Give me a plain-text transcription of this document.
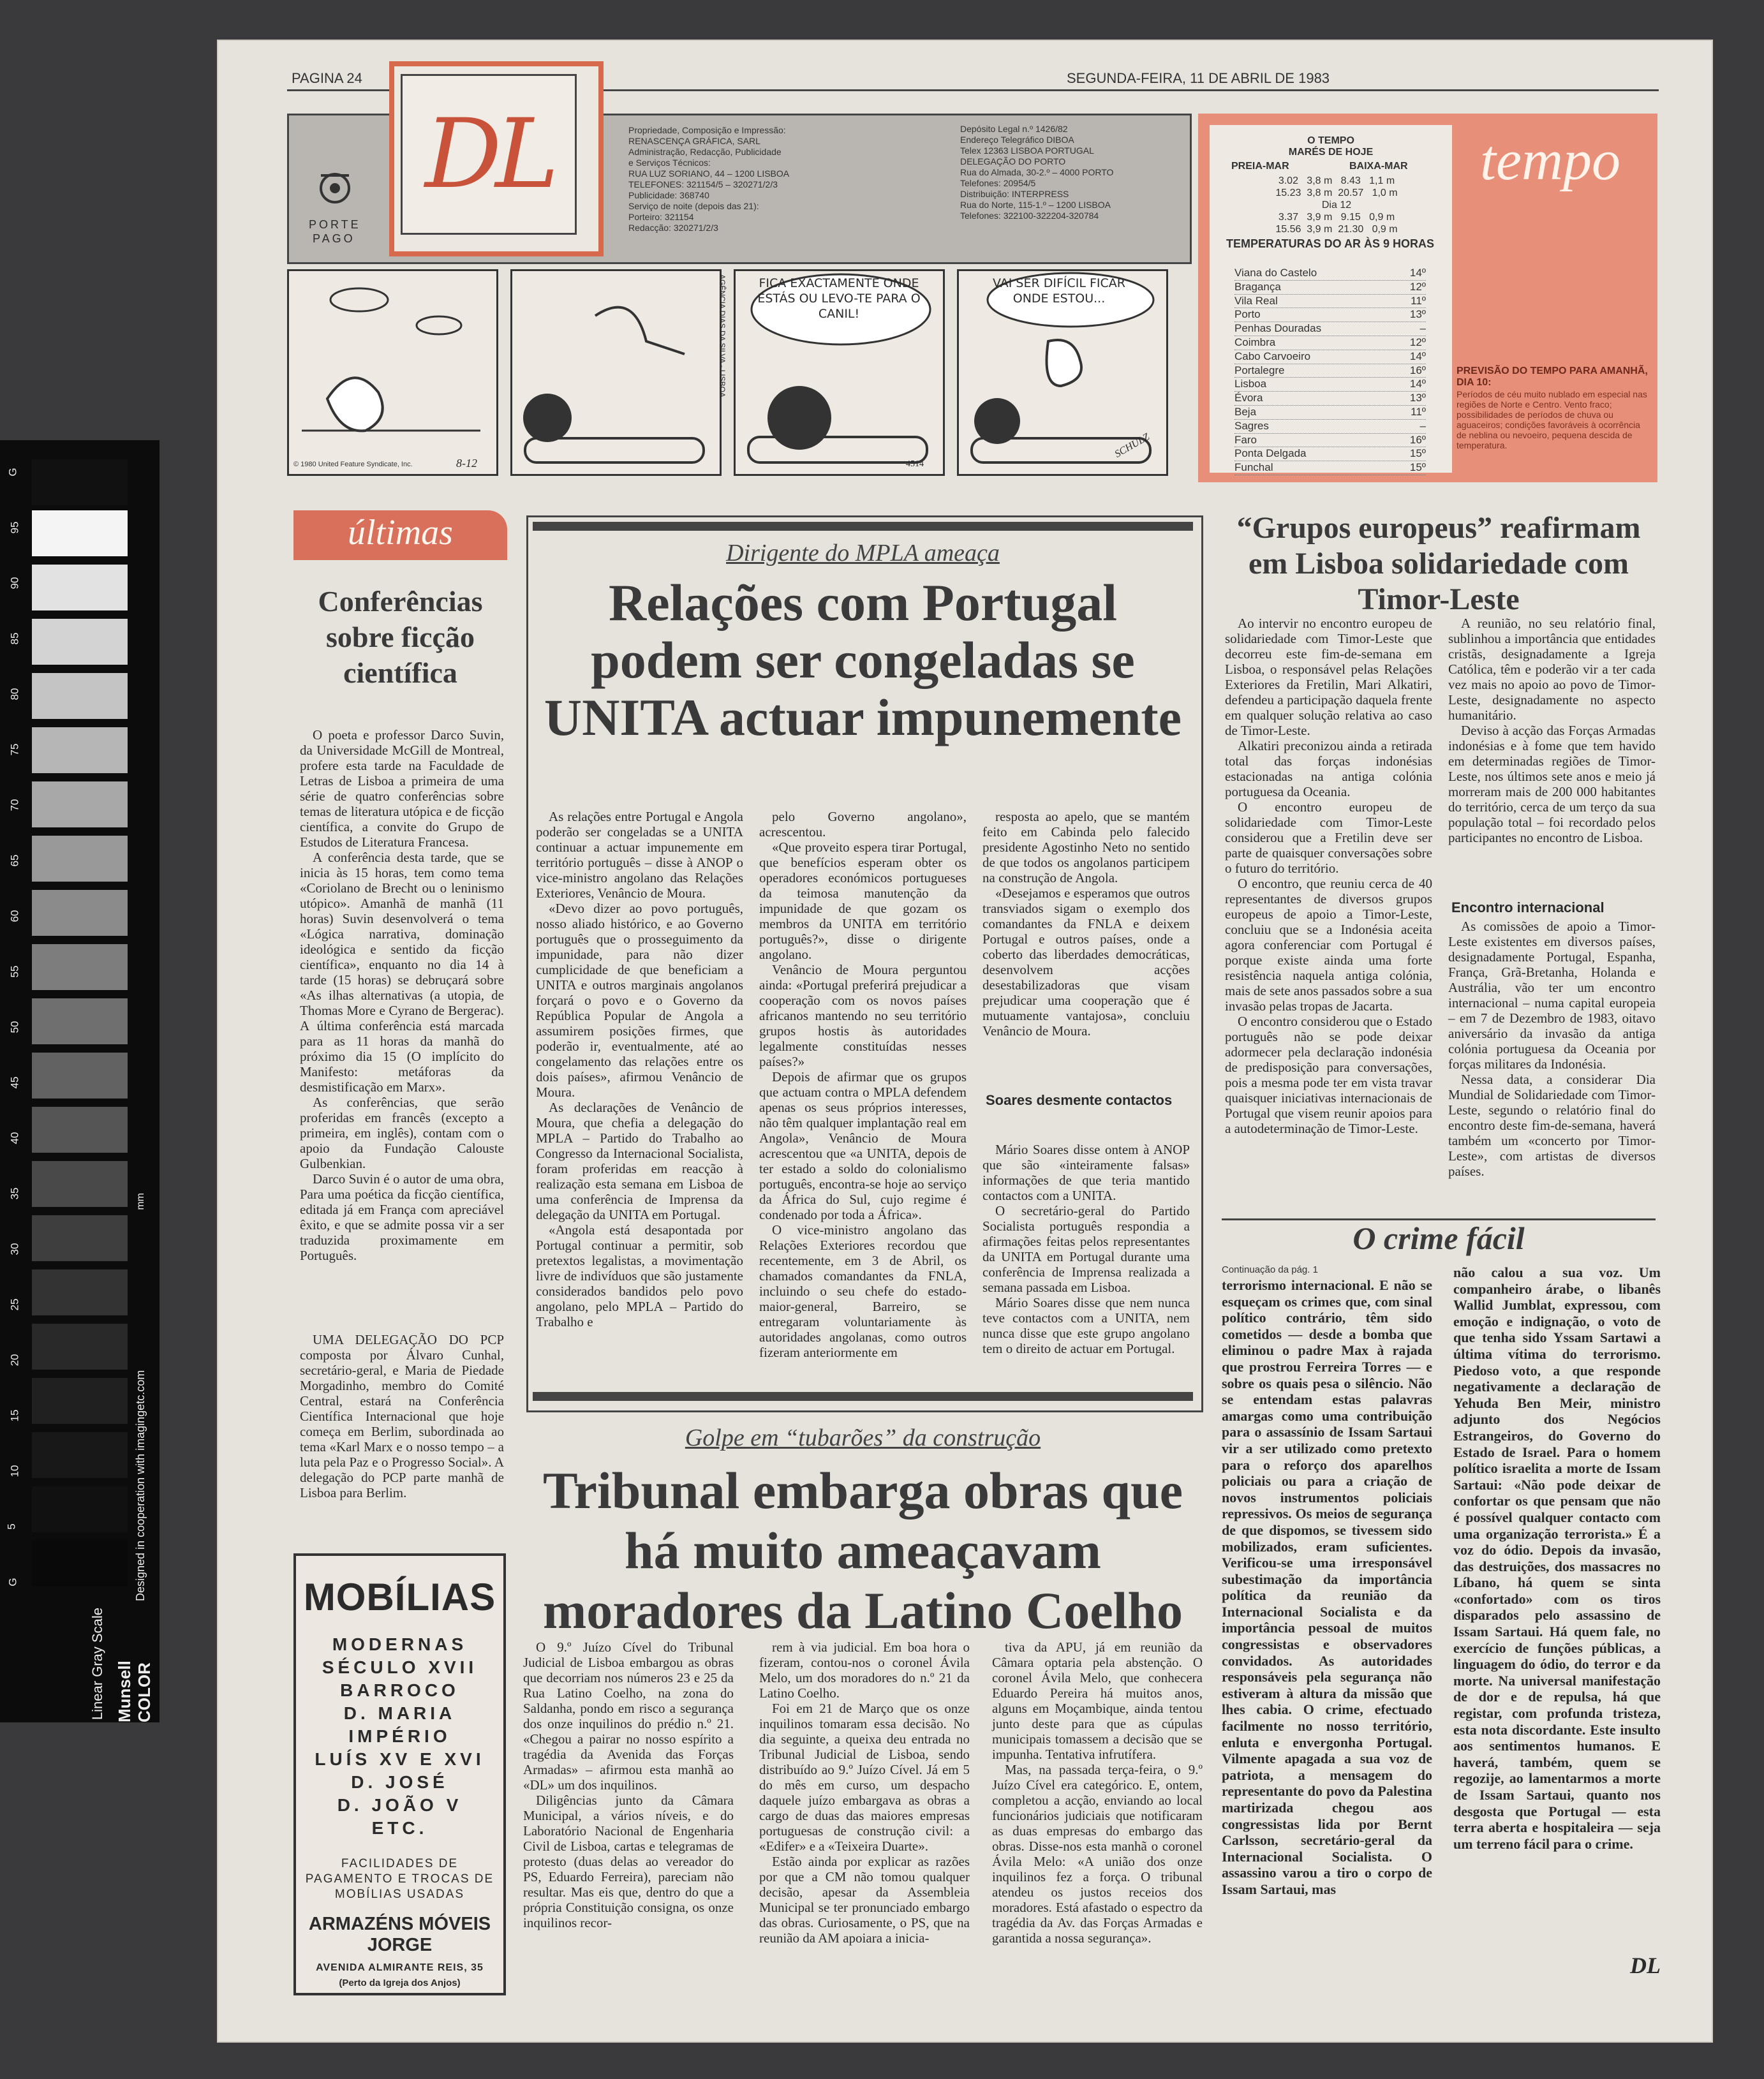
G
95
90
85
80
75
70
65
60
55
50
45
40
35
30
25
20
15
10
5
G	Designed in cooperation with imagingetc.com
mm
Linear Gray Scale Munsell COLOR
PAGINA 24	SEGUNDA-FEIRA, 11 DE ABRIL DE 1983
PORTE
PAGO
DL	Propriedade, Composição e Impressão:
RENASCENÇA GRÁFICA, SARL
Administração, Redacção, Publicidade
e Serviços Técnicos:
RUA LUZ SORIANO, 44 – 1200 LISBOA
TELEFONES: 321154/5 – 320271/2/3
Publicidade: 368740
Serviço de noite (depois das 21):
Porteiro: 321154
Redacção: 320271/2/3
Depósito Legal n.º 1426/82
Endereço Telegráfico DIBOA
Telex 12363 LISBOA PORTUGAL
DELEGAÇÃO DO PORTO
Rua do Almada, 30-2.º – 4000 PORTO
Telefones: 20954/5
Distribuição: INTERPRESS
Rua do Norte, 115-1.º – 1200 LISBOA
Telefones: 322100-322204-320784
© 1980 United Feature Syndicate, Inc.	8-12
FICA EXACTAMENTE ONDE ESTÁS OU LEVO-TE PARA O CANIL!
AGÊNCIA DIAS DA SILVA - LISBOA
4514
VAI SER DIFÍCIL FICAR ONDE ESTOU...
SCHULZ
tempo
O TEMPO
MARÉS DE HOJE
PREIA-MAR	BAIXA-MAR
3.02   3,8 m   8.43   1,1 m
15.23  3,8 m  20.57   1,0 m
Dia 12
3.37   3,9 m   9.15   0,9 m
15.56  3,9 m  21.30   0,9 m
TEMPERATURAS DO AR ÀS 9 HORAS
Viana do Castelo	14º
Bragança	12º
Vila Real	11º
Porto	13º
Penhas Douradas	–
Coimbra	12º
Cabo Carvoeiro	14º
Portalegre	16º
Lisboa	14º
Évora	13º
Beja	11º
Sagres	–
Faro	16º
Ponta Delgada	15º
Funchal	15º
PREVISÃO DO TEMPO PARA AMANHÃ, DIA 10:
Períodos de céu muito nublado em especial nas regiões de Norte e Centro. Vento fraco; possibilidades de períodos de chuva ou aguaceiros; condições favoráveis à ocorrência de neblina ou nevoeiro, pequena descida de temperatura.
últimas
Conferências sobre ficção científica

O poeta e professor Darco Suvin, da Universidade McGill de Montreal, profere esta tarde na Faculdade de Letras de Lisboa a primeira de uma série de quatro conferências sobre temas de literatura utópica e de ficção científica, a convite do Grupo de Estudos de Literatura Francesa.

A conferência desta tarde, que se inicia às 15 horas, tem como tema «Coriolano de Brecht ou o leninismo utópico». Amanhã de manhã (11 horas) Suvin desenvolverá o tema «Lógica narrativa, dominação ideológica e sentido da ficção científica», enquanto no dia 14 à tarde (15 horas) se debruçará sobre «As ilhas alternativas (a utopia, de Thomas More e Cyrano de Bergerac). A última conferência está marcada para as 11 horas da manhã do próximo dia 15 (O implícito do Manifesto: metáforas da desmistificação em Marx».

As conferências, que serão proferidas em francês (excepto a primeira, em inglês), contam com o apoio da Fundação Calouste Gulbenkian.

Darco Suvin é o autor de uma obra, Para uma poética da ficção científica, editada já em França com apreciável êxito, e que se admite possa vir a ser traduzida proximamente em Português.

UMA DELEGAÇÃO DO PCP composta por Álvaro Cunhal, secretário-geral, e Maria de Piedade Morgadinho, membro do Comité Central, estará na Conferência Científica Internacional que hoje começa em Berlim, subordinada ao tema «Karl Marx e o nosso tempo – a luta pela Paz e o Progresso Social». A delegação do PCP parte manhã de Lisboa para Berlim.
Dirigente do MPLA ameaça
Relações com Portugal podem ser congeladas se UNITA actuar impunemente

As relações entre Portugal e Angola poderão ser congeladas se a UNITA continuar a actuar impunemente em território português – disse à ANOP o vice-ministro angolano das Relações Exteriores, Venâncio de Moura.

«Devo dizer ao povo português, nosso aliado histórico, e ao Governo português que o prosseguimento da impunidade, para não dizer cumplicidade de que beneficiam a UNITA e outros marginais angolanos forçará o povo e o Governo da República Popular de Angola a assumirem posições firmes, que poderão ir, eventualmente, até ao congelamento das relações entre os dois países», afirmou Venâncio de Moura.

As declarações de Venâncio de Moura, que chefia a delegação do MPLA – Partido do Trabalho ao Congresso da Internacional Socialista, foram proferidas em reacção à realização esta semana em Lisboa de uma conferência de Imprensa da delegação da UNITA em Portugal.

«Angola está desapontada por Portugal continuar a permitir, sob pretextos legalistas, a movimentação livre de indivíduos que são justamente considerados bandidos pelo povo angolano, pelo MPLA – Partido do Trabalho e

pelo Governo angolano», acrescentou.

«Que proveito espera tirar Portugal, que benefícios esperam obter os operadores económicos portugueses da teimosa manutenção da impunidade de que gozam os membros da UNITA em território português?», disse o dirigente angolano.

Venâncio de Moura perguntou ainda: «Portugal preferirá prejudicar a cooperação com os novos países africanos mantendo no seu território grupos hostis às autoridades legalmente constituídas nesses países?»

Depois de afirmar que os grupos que actuam contra o MPLA defendem apenas os seus próprios interesses, não têm qualquer implantação real em Angola», Venâncio de Moura acrescentou que «a UNITA, depois de ter estado a soldo do colonialismo português, encontra-se hoje ao serviço da África do Sul, cujo regime é condenado por toda a África».

O vice-ministro angolano das Relações Exteriores recordou que recentemente, em 3 de Abril, os chamados comandantes da FNLA, incluindo o seu chefe do estado-maior-general, Barreiro, se entregaram voluntariamente às autoridades angolanas, como outros fizeram anteriormente em

resposta ao apelo, que se mantém feito em Cabinda pelo falecido presidente Agostinho Neto no sentido de que todos os angolanos participem na construção de Angola.

«Desejamos e esperamos que outros transviados sigam o exemplo dos comandantes da FNLA e deixem Portugal e outros países, onde a coberto das liberdades democráticas, desenvolvem acções desestabilizadoras que visam prejudicar uma cooperação que é mutuamente vantajosa», concluiu Venâncio de Moura.

Soares desmente contactos

Mário Soares disse ontem à ANOP que são «inteiramente falsas» informações de que teria mantido contactos com a UNITA.

O secretário-geral do Partido Socialista português respondia a afirmações feitas pelos representantes da UNITA em Portugal durante uma conferência de Imprensa realizada a semana passada em Lisboa.

Mário Soares disse que nem nunca teve contactos com a UNITA, nem nunca disse que este grupo angolano tem o direito de actuar em Portugal.

“Grupos europeus” reafirmam em Lisboa solidariedade com Timor-Leste

Ao intervir no encontro europeu de solidariedade com Timor-Leste que decorreu este fim-de-semana em Lisboa, o responsável pelas Relações Exteriores da Fretilin, Mari Alkatiri, defendeu a participação daquela frente em qualquer solução relativa ao caso de Timor-Leste.

Alkatiri preconizou ainda a retirada total das forças indonésias estacionadas na antiga colónia portuguesa da Oceania.

O encontro europeu de solidariedade com Timor-Leste considerou que a Fretilin deve ser parte de quaisquer conversações sobre o futuro do território.

O encontro, que reuniu cerca de 40 representantes de diversos grupos europeus de apoio a Timor-Leste, concluiu que se a Indonésia aceita agora conferenciar com Portugal é porque existe ainda uma forte resistência naquela antiga colónia, mais de sete anos passados sobre a sua invasão pelas tropas de Jacarta.

O encontro considerou que o Estado português não se pode deixar adormecer pela declaração indonésia de predisposição para conversações, pois a mesma pode ter em vista travar quaisquer iniciativas internacionais de Portugal que visem reunir apoios para a autodeterminação de Timor-Leste.

A reunião, no seu relatório final, sublinhou a importância que entidades cristãs, designadamente a Igreja Católica, têm e poderão vir a ter cada vez mais no apoio ao povo de Timor-Leste, designadamente no aspecto humanitário.

Deviso à acção das Forças Armadas indonésias e à fome que tem havido em determinadas regiões de Timor-Leste, nos últimos sete anos e meio já morreram mais de 200 000 habitantes do território, cerca de um terço da sua população total – foi recordado pelos participantes no encontro de Lisboa.

Encontro internacional

As comissões de apoio a Timor-Leste existentes em diversos países, designadamente Portugal, Espanha, França, Grã-Bretanha, Holanda e Austrália, vão ter um encontro internacional – numa capital europeia – em 7 de Dezembro de 1983, oitavo aniversário da invasão da antiga colónia portuguesa da Oceania por forças militares da Indonésia.

Nessa data, a considerar Dia Mundial de Solidariedade com Timor-Leste, segundo o relatório final do encontro deste fim-de-semana, haverá também um «concerto por Timor-Leste», com artistas de diversos países.

O crime fácil
Continuação da pág. 1
terrorismo internacional. E não se esqueçam os crimes que, com sinal político contrário, têm sido cometidos — desde a bomba que eliminou o padre Max à rajada que prostrou Ferreira Torres — e sobre os quais pesa o silêncio. Não se entendam estas palavras amargas como uma contribuição para o assassínio de Issam Sartaui vir a ser utilizado como pretexto para o reforço dos aparelhos policiais ou para a criação de novos instrumentos policiais repressivos. Os meios de segurança de que dispomos, se tivessem sido mobilizados, eram suficientes. Verificou-se uma irresponsável subestimação da importância política da reunião da Internacional Socialista e da importância pessoal de muitos congressistas e observadores convidados. As autoridades responsáveis pela segurança não estiveram à altura da missão que lhes cabia. O crime, efectuado facilmente no nosso território, enluta e envergonha Portugal. Vilmente apagada a sua voz de patriota, a mensagem do representante do povo da Palestina martirizada chegou aos congressistas lida por Bernt Carlsson, secretário-geral da Internacional Socialista. O assassino varou a tiro o corpo de Issam Sartaui, mas
não calou a sua voz. Um companheiro árabe, o libanês Wallid Jumblat, expressou, com emoção e indignação, o voto de que tenha sido Yssam Sartawi a última vítima do terrorismo. Piedoso voto, a que responde negativamente a declaração de Yehuda Ben Meir, ministro adjunto dos Negócios Estrangeiros, do Governo do Estado de Israel. Para o homem político israelita a morte de Issam Sartaui: «Não pode deixar de confortar os que pensam que não é possível qualquer contacto com uma organização terrorista.» É a voz do ódio. Depois da invasão, das destruições, dos massacres no Líbano, há quem se sinta «confortado» com os tiros disparados pelo assassino de Issam Sartaui. Há quem fale, no exercício de funções públicas, a linguagem do ódio, do terror e da morte. Na universal manifestação de dor e de repulsa, há que registar, com profunda tristeza, esta nota discordante. Este insulto aos sentimentos humanos. E haverá, também, quem se regozije, ao lamentarmos a morte de Issam Sartaui, quanto nos desgosta que Portugal — esta terra aberta e hospitaleira — seja um terreno fácil para o crime.
DL
Golpe em “tubarões” da construção
Tribunal embarga obras que há muito ameaçavam moradores da Latino Coelho

O 9.º Juízo Cível do Tribunal Judicial de Lisboa embargou as obras que decorriam nos números 23 e 25 da Rua Latino Coelho, na zona do Saldanha, pondo em risco a segurança dos onze inquilinos do prédio n.º 21. «Chegou a pairar no nosso espírito a tragédia da Avenida das Forças Armadas» – afirmou esta manhã ao «DL» um dos inquilinos.

Diligências junto da Câmara Municipal, a vários níveis, e do Laboratório Nacional de Engenharia Civil de Lisboa, cartas e telegramas de protesto (duas delas ao vereador do PS, Eduardo Ferreira), pareciam não resultar. Mas eis que, dentro do que a própria Constituição consigna, os onze inquilinos recor-

rem à via judicial. Em boa hora o fizeram, contou-nos o coronel Ávila Melo, um dos moradores do n.º 21 da Latino Coelho.

Foi em 21 de Março que os onze inquilinos tomaram essa decisão. No dia seguinte, a queixa deu entrada no Tribunal Judicial de Lisboa, sendo distribuído ao 9.º Juízo Cível. Já em 5 do mês em curso, um despacho daquele juízo embargava as obras a cargo de duas das maiores empresas portuguesas de construção civil: a «Edifer» e a «Teixeira Duarte».

Estão ainda por explicar as razões por que a CM não tomou qualquer decisão, apesar da Assembleia Municipal se ter pronunciado embargo das obras. Curiosamente, o PS, que na reunião da AM apoiara a inicia-

tiva da APU, já em reunião da Câmara optaria pela abstenção. O coronel Ávila Melo, que conhecera Eduardo Pereira há muitos anos, alguns em Moçambique, ainda tentou junto deste para que as cúpulas municipais tomassem a decisão que se impunha. Tentativa infrutífera.

Mas, na passada terça-feira, o 9.º Juízo Cível era categórico. E, ontem, completou a acção, enviando ao local funcionários judiciais que notificaram as duas empresas do embargo das obras. Disse-nos esta manhã o coronel Ávila Melo: «A união dos onze inquilinos fez a força. O tribunal atendeu os justos receios dos moradores. Está afastado o espectro da tragédia da Av. das Forças Armadas e garantida a nossa segurança».

MOBÍLIAS
MODERNAS
SÉCULO XVII
BARROCO
D. MARIA
IMPÉRIO
LUÍS XV E XVI
D. JOSÉ
D. JOÃO V
ETC.
FACILIDADES DE PAGAMENTO E TROCAS DE MOBÍLIAS USADAS
ARMAZÉNS MÓVEIS JORGE
AVENIDA ALMIRANTE REIS, 35
(Perto da Igreja dos Anjos)
